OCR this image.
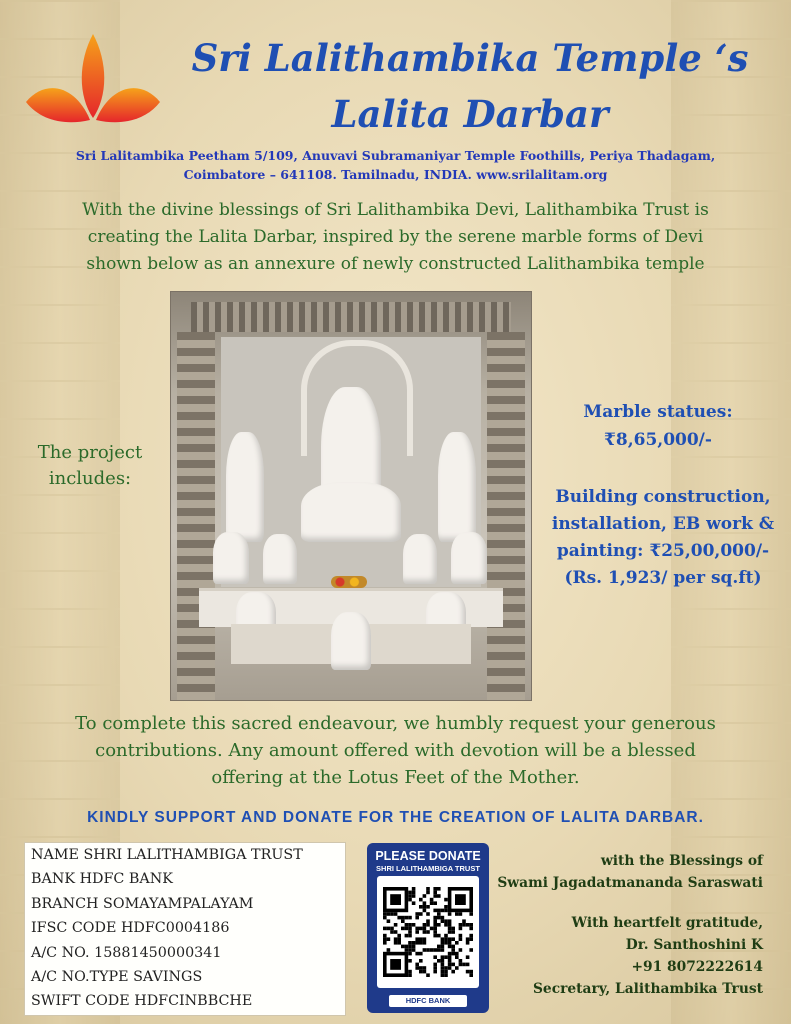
Sri Lalithambika Temple ‘s
Lalita Darbar
Sri Lalitambika Peetham 5/109, Anuvavi Subramaniyar Temple Foothills, Periya Thadagam,
Coimbatore – 641108. Tamilnadu, INDIA. www.srilalitam.org
With the divine blessings of Sri Lalithambika Devi, Lalithambika Trust is
creating the Lalita Darbar, inspired by the serene marble forms of Devi
shown below as an annexure of newly constructed Lalithambika temple
The project
includes:
Marble statues:
₹8,65,000/-
Building construction,
installation, EB work &
painting: ₹25,00,000/-
(Rs. 1,923/ per sq.ft)
To complete this sacred endeavour, we humbly request your generous
contributions. Any amount offered with devotion will be a blessed
offering at the Lotus Feet of the Mother.
KINDLY SUPPORT AND DONATE FOR THE CREATION OF LALITA DARBAR.
NAME SHRI LALITHAMBIGA TRUST
BANK HDFC BANK
BRANCH SOMAYAMPALAYAM
IFSC CODE HDFC0004186
A/C NO. 15881450000341
A/C NO.TYPE SAVINGS
SWIFT CODE HDFCINBBCHE
PLEASE DONATE
SHRI LALITHAMBIGA TRUST
HDFC BANK
with the Blessings of
Swami Jagadatmananda Saraswati
With heartfelt gratitude,
Dr. Santhoshini K
+91 8072222614
Secretary, Lalithambika Trust
